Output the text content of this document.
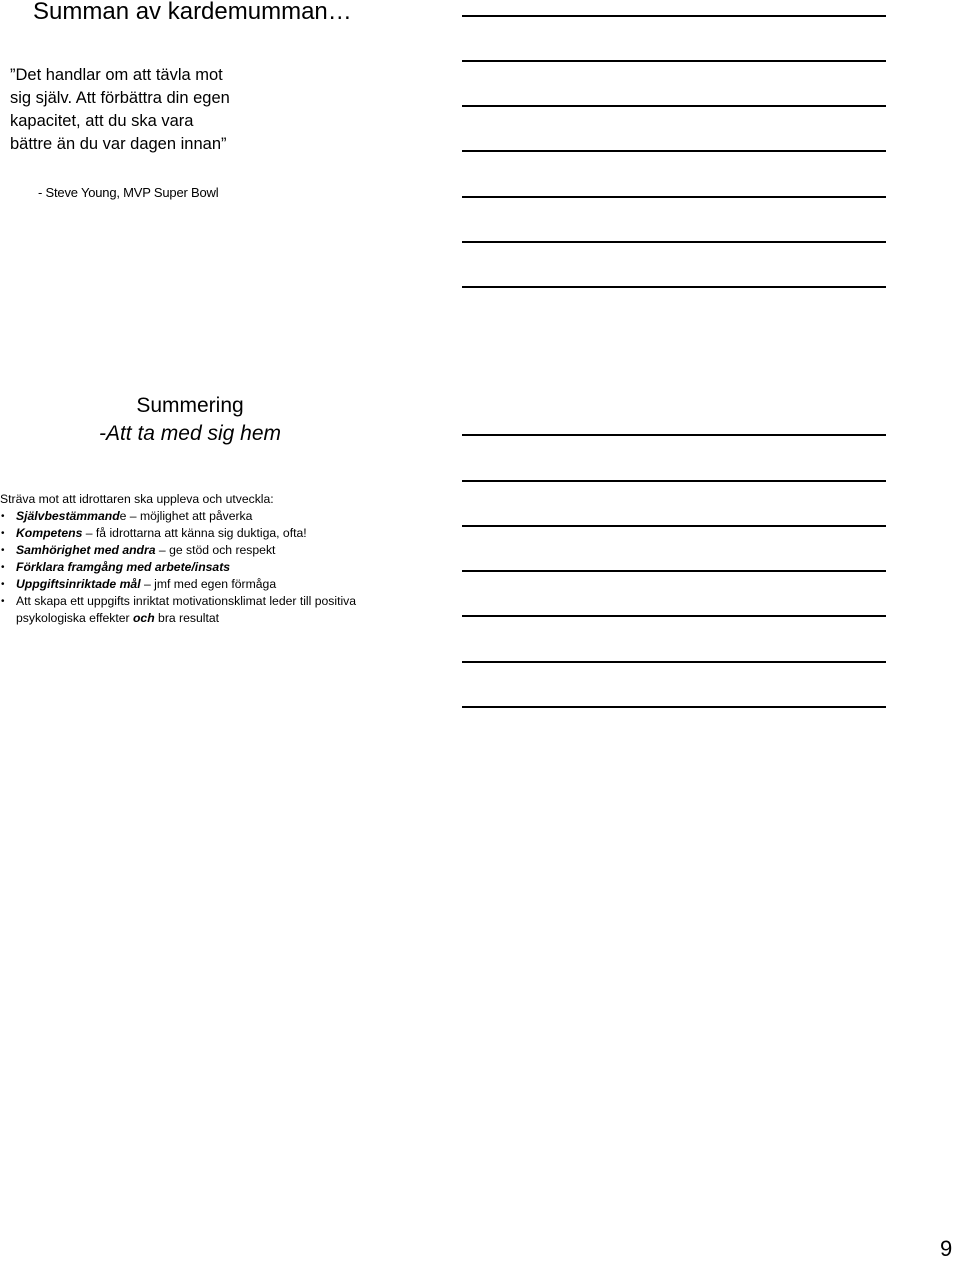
Summan av kardemumman…
”Det handlar om att tävla mot
sig själv. Att förbättra din egen
kapacitet, att du ska vara
bättre än du var dagen innan”
- Steve Young, MVP Super Bowl
Summering
-Att ta med sig hem
Sträva mot att idrottaren ska uppleva och utveckla:
• Självbestämmande – möjlighet att påverka
• Kompetens – få idrottarna att känna sig duktiga, ofta!
• Samhörighet med andra – ge stöd och respekt
• Förklara framgång med arbete/insats
• Uppgiftsinriktade mål – jmf med egen förmåga
• Att skapa ett uppgifts inriktat motivationsklimat leder till positiva psykologiska effekter och bra resultat
9
